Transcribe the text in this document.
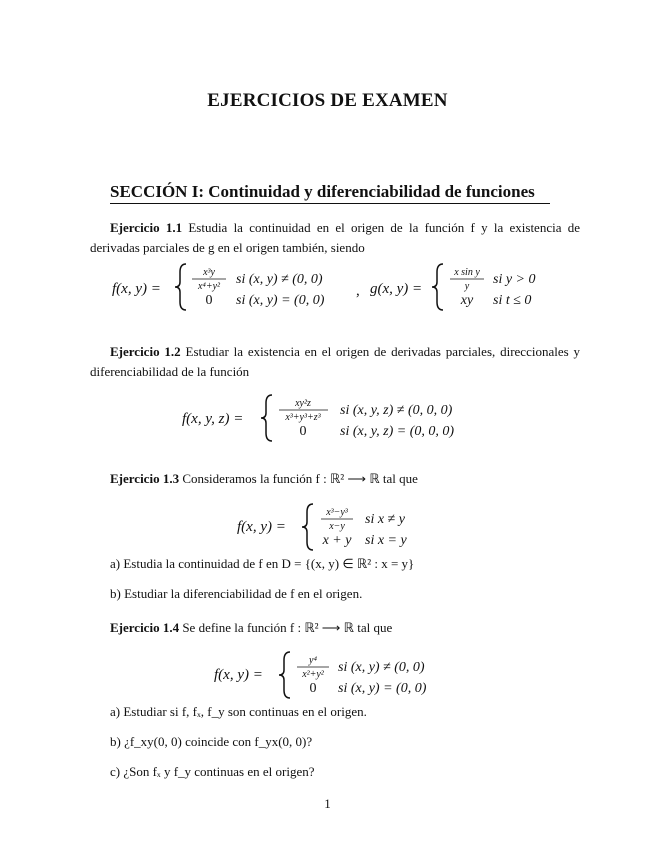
EJERCICIOS DE EXAMEN
SECCIÓN I: Continuidad y diferenciabilidad de funciones
Ejercicio 1.1 Estudia la continuidad en el origen de la función f y la existencia de derivadas parciales de g en el origen también, siendo
f(x, y) =
x³y
x⁴+y² si (x, y) ≠ (0, 0)
0 si (x, y) = (0, 0)
, g(x, y) =
x sin y
y si y > 0
xy si t ≤ 0
Ejercicio 1.2 Estudiar la existencia en el origen de derivadas parciales, direccionales y diferenciabilidad de la función
f(x, y, z) =
xy²z
x³+y³+z³ si (x, y, z) ≠ (0, 0, 0)
0 si (x, y, z) = (0, 0, 0)
Ejercicio 1.3 Consideramos la función f : ℝ² ⟶ ℝ tal que
f(x, y) =
x³−y³
x−y si x ≠ y
x + y si x = y
a) Estudia la continuidad de f en D = {(x, y) ∈ ℝ² : x = y}
b) Estudiar la diferenciabilidad de f en el origen.
Ejercicio 1.4 Se define la función f : ℝ² ⟶ ℝ tal que
f(x, y) =
y⁴
x²+y² si (x, y) ≠ (0, 0)
0 si (x, y) = (0, 0)
a) Estudiar si f, fₓ, f_y son continuas en el origen.
b) ¿f_xy(0, 0) coincide con f_yx(0, 0)?
c) ¿Son fₓ y f_y continuas en el origen?
1
